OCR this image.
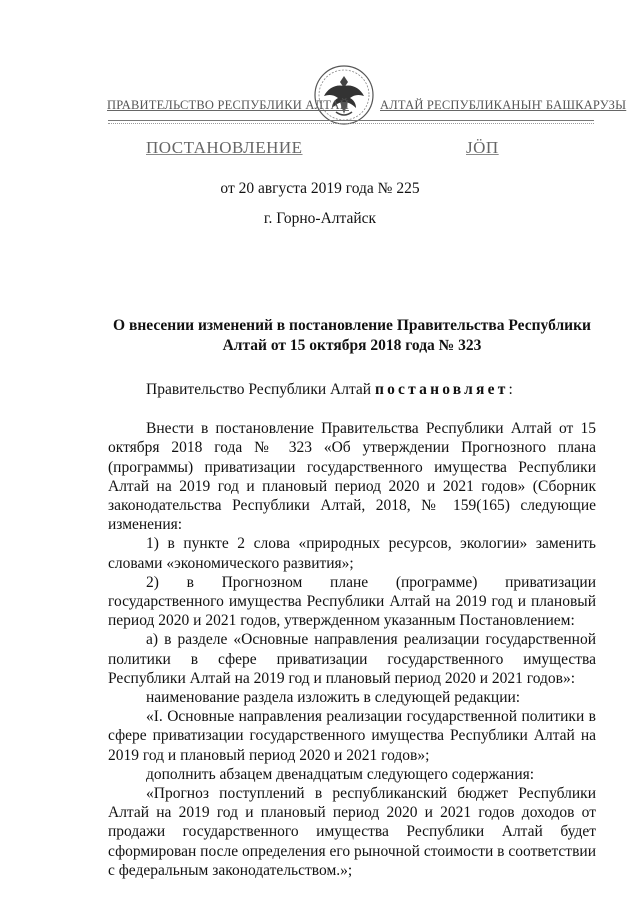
ПРАВИТЕЛЬСТВО РЕСПУБЛИКИ АЛТАЙ АЛТАЙ РЕСПУБЛИКАНЫҤ БАШКАРУЗЫ
ПОСТАНОВЛЕНИЕ	ЈӦП
от 20 августа 2019 года № 225
г. Горно-Алтайск
О внесении изменений в постановление Правительства Республики
Алтай от 15 октября 2018 года № 323

Правительство Республики Алтай постановляет:

Внести в постановление Правительства Республики Алтай от 15 октября 2018 года № 323 «Об утверждении Прогнозного плана (программы) приватизации государственного имущества Республики Алтай на 2019 год и плановый период 2020 и 2021 годов» (Сборник законодательства Республики Алтай, 2018, № 159(165) следующие изменения:

1) в пункте 2 слова «природных ресурсов, экологии» заменить словами «экономического развития»;

2) в Прогнозном плане (программе) приватизации государственного имущества Республики Алтай на 2019 год и плановый период 2020 и 2021 годов, утвержденном указанным Постановлением:

а) в разделе «Основные направления реализации государственной политики в сфере приватизации государственного имущества Республики Алтай на 2019 год и плановый период 2020 и 2021 годов»:

наименование раздела изложить в следующей редакции:

«I. Основные направления реализации государственной политики в сфере приватизации государственного имущества Республики Алтай на 2019 год и плановый период 2020 и 2021 годов»;

дополнить абзацем двенадцатым следующего содержания:

«Прогноз поступлений в республиканский бюджет Республики Алтай на 2019 год и плановый период 2020 и 2021 годов доходов от продажи государственного имущества Республики Алтай будет сформирован после определения его рыночной стоимости в соответствии с федеральным законодательством.»;
